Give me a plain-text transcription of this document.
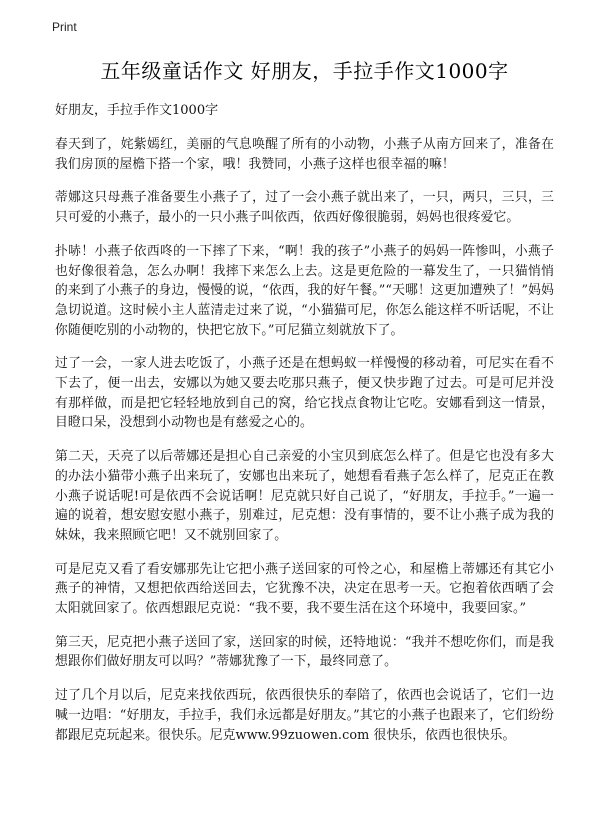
Print
五年级童话作文 好朋友，手拉手作文1000字
好朋友，手拉手作文1000字

春天到了，姹紫嫣红，美丽的气息唤醒了所有的小动物，小燕子从南方回来了，准备在我们房顶的屋檐下搭一个家，哦！我赞同，小燕子这样也很幸福的嘛！

蒂娜这只母燕子准备要生小燕子了，过了一会小燕子就出来了，一只，两只，三只，三只可爱的小燕子，最小的一只小燕子叫依西，依西好像很脆弱，妈妈也很疼爱它。

扑哧！小燕子依西咚的一下摔了下来，“啊！我的孩子”小燕子的妈妈一阵惨叫，小燕子也好像很着急，怎么办啊！我摔下来怎么上去。这是更危险的一幕发生了，一只猫悄悄的来到了小燕子的身边，慢慢的说，“依西，我的好午餐。”“天哪！这更加遭殃了！”妈妈急切说道。这时候小主人蓝清走过来了说，“小猫猫可尼，你怎么能这样不听话呢，不让你随便吃别的小动物的，快把它放下。”可尼猫立刻就放下了。

过了一会，一家人进去吃饭了，小燕子还是在想蚂蚁一样慢慢的移动着，可尼实在看不下去了，便一出去，安娜以为她又要去吃那只燕子，便又快步跑了过去。可是可尼并没有那样做，而是把它轻轻地放到自己的窝，给它找点食物让它吃。安娜看到这一情景，目瞪口呆，没想到小动物也是有慈爱之心的。

第二天，天亮了以后蒂娜还是担心自己亲爱的小宝贝到底怎么样了。但是它也没有多大的办法小猫带小燕子出来玩了，安娜也出来玩了，她想看看燕子怎么样了，尼克正在教小燕子说话呢!可是依西不会说话啊！尼克就只好自己说了，“好朋友，手拉手。”一遍一遍的说着，想安慰安慰小燕子，别难过，尼克想：没有事情的，要不让小燕子成为我的妹妹，我来照顾它吧！又不就别回家了。

可是尼克又看了看安娜那先让它把小燕子送回家的可怜之心，和屋檐上蒂娜还有其它小燕子的神情，又想把依西给送回去，它犹豫不决，决定在思考一天。它抱着依西晒了会太阳就回家了。依西想跟尼克说：“我不要，我不要生活在这个环境中，我要回家。”

第三天，尼克把小燕子送回了家，送回家的时候，还特地说：“我并不想吃你们，而是我想跟你们做好朋友可以吗？”蒂娜犹豫了一下，最终同意了。

过了几个月以后，尼克来找依西玩，依西很快乐的奉陪了，依西也会说话了，它们一边喊一边唱：“好朋友，手拉手，我们永远都是好朋友。”其它的小燕子也跟来了，它们纷纷都跟尼克玩起来。很快乐。尼克www.99zuowen.com 很快乐，依西也很快乐。
